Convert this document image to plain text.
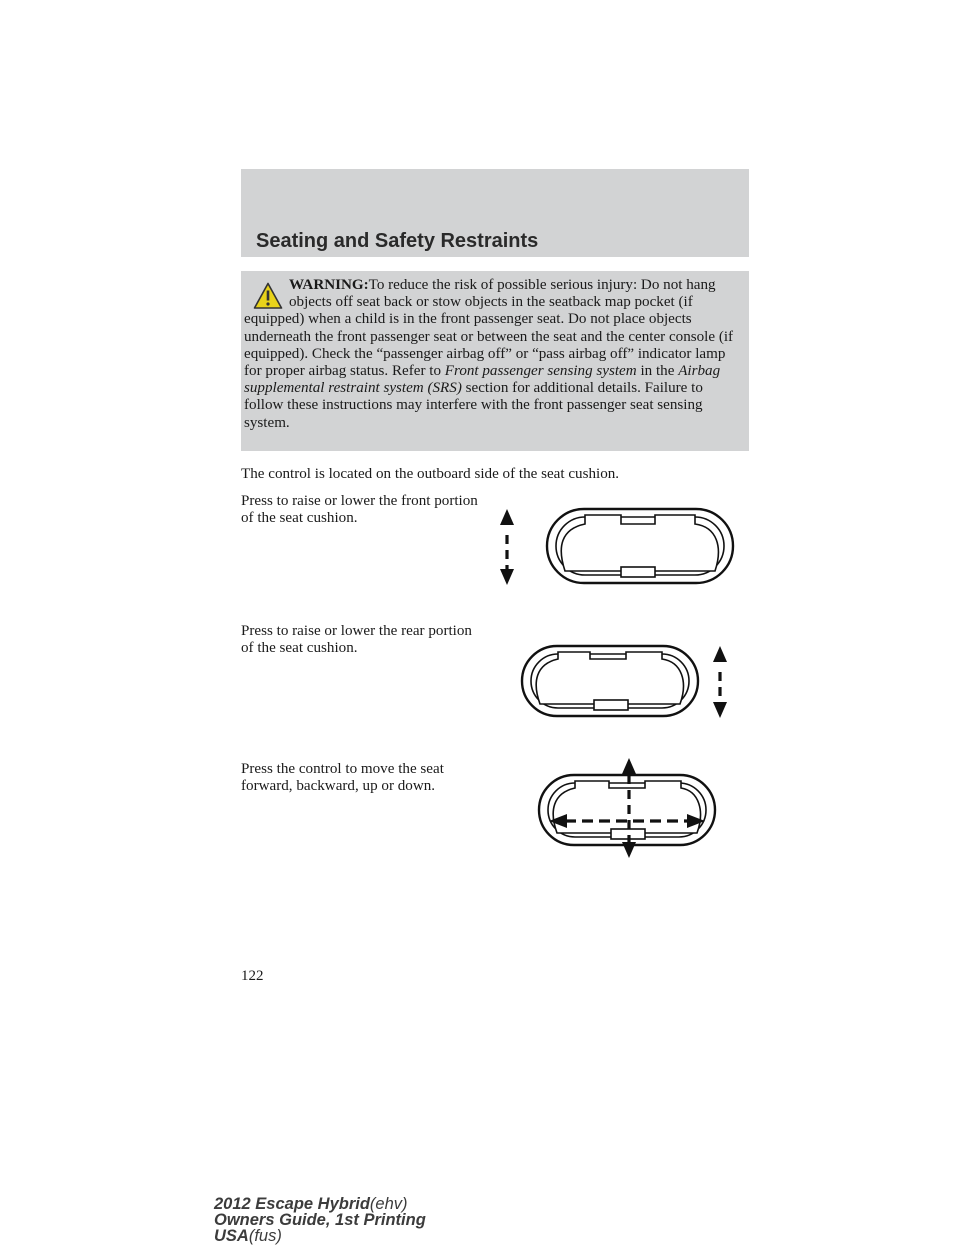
Seating and Safety Restraints

WARNING:To reduce the risk of possible serious injury: Do not hang objects off seat back or stow objects in the seatback map pocket (if equipped) when a child is in the front passenger seat. Do not place objects underneath the front passenger seat or between the seat and the center console (if equipped). Check the “passenger airbag off” or “pass airbag off” indicator lamp for proper airbag status. Refer to Front passenger sensing system in the Airbag supplemental restraint system (SRS) section for additional details. Failure to follow these instructions may interfere with the front passenger seat sensing system.

The control is located on the outboard side of the seat cushion.

Press to raise or lower the front portion of the seat cushion.

Press to raise or lower the rear portion of the seat cushion.

Press the control to move the seat forward, backward, up or down.

122
2012 Escape Hybrid(ehv)
Owners Guide, 1st Printing
USA(fus)
